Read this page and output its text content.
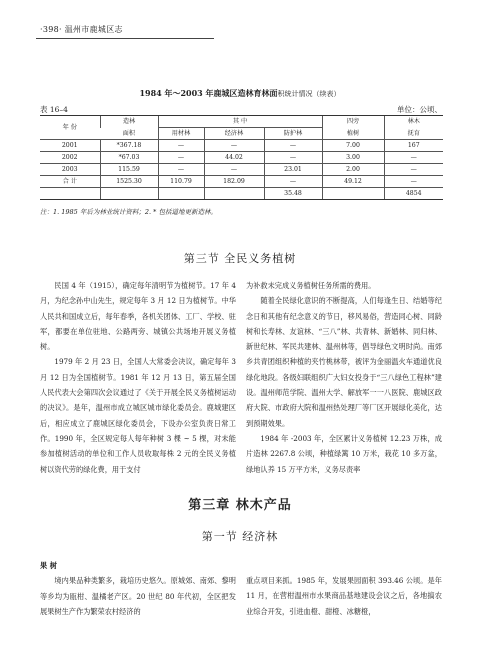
·398· 温州市鹿城区志
1984 年～2003 年鹿城区造林育林面积统计情况（续表）
表 16–4	单位：公顷、
年 份	造林	其 中			四旁	林木
	面积	用材林	经济林	防护林	植树	抚育
2001	*367.18	—	—	—	7.00	167
2002	*67.03	—	44.02	—	3.00	—
2003	115.59	—	—	23.01	2.00	—
合 计	1525.30	110.79	182.09	—	49.12	—
				35.48		4854
注：1. 1985 年后为林业统计资料；2. * 包括道地更新造林。
第三节 全民义务植树

民国 4 年（1915），确定每年清明节为植树节。17 年 4 月，为纪念孙中山先生，规定每年 3 月 12 日为植树节。中华人民共和国成立后，每年春季，各机关团体、工厂、学校、驻军，都要在单位驻地、公路两旁、城镇公共场地开展义务植树。

1979 年 2 月 23 日，全国人大常委会决议，确定每年 3 月 12 日为全国植树节。1981 年 12 月 13 日，第五届全国人民代表大会第四次会议通过了《关于开展全民义务植树运动的决议》。是年，温州市成立城区城市绿化委员会。鹿城建区后，相应成立了鹿城区绿化委员会，下设办公室负责日常工作。1990 年，全区规定每人每年种树 3 棵 ~ 5 棵，对未能参加植树活动的单位和工作人员收取每株 2 元的全民义务植树以资代劳的绿化费，用于支付

为补救未完成义务植树任务所需的费用。

随着全民绿化意识的不断提高，人们每逢生日、结婚等纪念日和其他有纪念意义的节日，移风易俗，营造同心树、同龄树和长寿林、友谊林、“三八”林、共青林、新婚林、同归林、新世纪林、军民共建林、温州林等，倡导绿色文明时尚。南郊乡共青团组织种植的夹竹桃林带，被评为金丽温火车通道优良绿化地段。各级妇联组织广大妇女投身于“三八绿色工程林”建设。温州师范学院、温州大学、解放军一一八医院、鹿城区政府大院、市政府大院和温州热处理厂等厂区开展绿化美化，达到预期效果。

1984 年 -2003 年，全区累计义务植树 12.23 万株，成片造林 2267.8 公顷，种植绿篱 10 万米，栽花 10 多万盆，绿地认养 15 万平方米，义务尽责率

第三章 林木产品
第一节 经济林

果 树

境内果品种类繁多，栽培历史悠久。原城郊、南郊、黎明等乡均为瓯柑、温橘老产区。20 世纪 80 年代初，全区把发展果树生产作为繁荣农村经济的

重点项目来抓。1985 年，发展果园面积 393.46 公顷。是年 11 月，在营柑温州市水果商品基地建设会议之后，各地搞农业综合开发，引进血橙、甜橙、冰糖橙，
